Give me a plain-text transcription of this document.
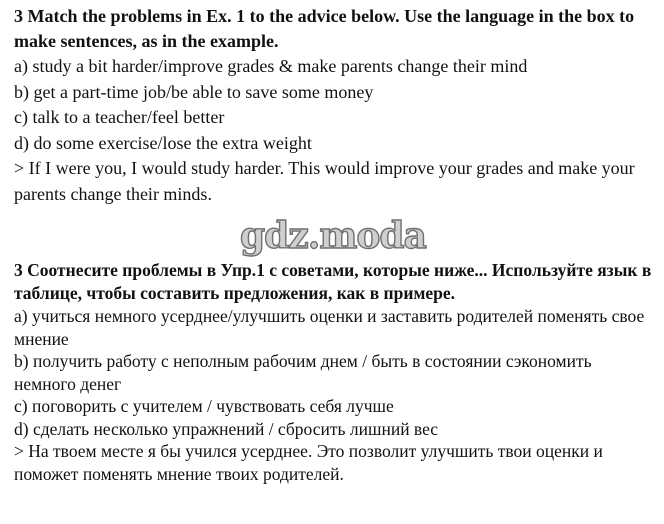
3 Match the problems in Ex. 1 to the advice below. Use the language in the box to make sentences, as in the example.

a) study a bit harder/improve grades & make parents change their mind

b) get a part-time job/be able to save some money

c) talk to a teacher/feel better

d) do some exercise/lose the extra weight

> If I were you, I would study harder. This would improve your grades and make your parents change their minds.

gdz.moda

3 Соотнесите проблемы в Упр.1 с советами, которые ниже... Используйте язык в таблице, чтобы составить предложения, как в примере.

а) учиться немного усерднее/улучшить оценки и заставить родителей поменять свое мнение

b) получить работу с неполным рабочим днем / быть в состоянии сэкономить немного денег

c) поговорить с учителем / чувствовать себя лучше

d) сделать несколько упражнений / сбросить лишний вес

> На твоем месте я бы учился усерднее. Это позволит улучшить твои оценки и поможет поменять мнение твоих родителей.
